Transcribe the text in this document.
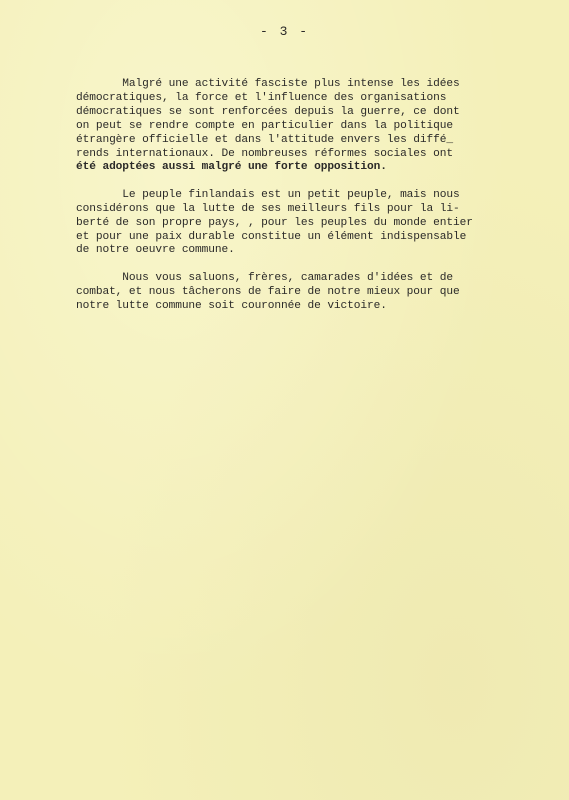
- 3 -

Malgré une activité fasciste plus intense les idées
démocratiques, la force et l'influence des organisations
démocratiques se sont renforcées depuis la guerre, ce dont
on peut se rendre compte en particulier dans la politique
étrangère officielle et dans l'attitude envers les diffé_
rends internationaux. De nombreuses réformes sociales ont
été adoptées aussi malgré une forte opposition.

Le peuple finlandais est un petit peuple, mais nous
considérons que la lutte de ses meilleurs fils pour la li-
berté de son propre pays, , pour les peuples du monde entier
et pour une paix durable constitue un élément indispensable
de notre oeuvre commune.

Nous vous saluons, frères, camarades d'idées et de
combat, et nous tâcherons de faire de notre mieux pour que
notre lutte commune soit couronnée de victoire.
